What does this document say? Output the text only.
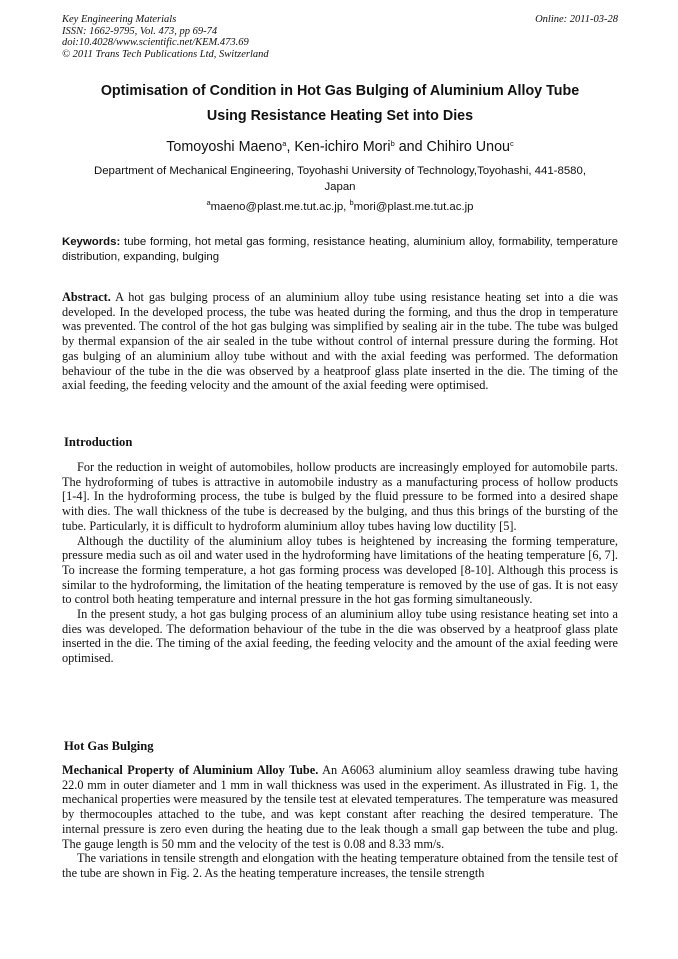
Key Engineering Materials
ISSN: 1662-9795, Vol. 473, pp 69-74
doi:10.4028/www.scientific.net/KEM.473.69
© 2011 Trans Tech Publications Ltd, Switzerland
Online: 2011-03-28
Optimisation of Condition in Hot Gas Bulging of Aluminium Alloy Tube
Using Resistance Heating Set into Dies
Tomoyoshi Maeno$^a$, Ken-ichiro Mori$^b$ and Chihiro Unou$^c$
Department of Mechanical Engineering, Toyohashi University of Technology,Toyohashi, 441-8580,
Japan
$^a$maeno@plast.me.tut.ac.jp, $^b$mori@plast.me.tut.ac.jp
Keywords: tube forming, hot metal gas forming, resistance heating, aluminium alloy, formability, temperature distribution, expanding, bulging

Abstract. A hot gas bulging process of an aluminium alloy tube using resistance heating set into a die was developed. In the developed process, the tube was heated during the forming, and thus the drop in temperature was prevented. The control of the hot gas bulging was simplified by sealing air in the tube. The tube was bulged by thermal expansion of the air sealed in the tube without control of internal pressure during the forming. Hot gas bulging of an aluminium alloy tube without and with the axial feeding was performed. The deformation behaviour of the tube in the die was observed by a heatproof glass plate inserted in the die. The timing of the axial feeding, the feeding velocity and the amount of the axial feeding were optimised.

Introduction

For the reduction in weight of automobiles, hollow products are increasingly employed for automobile parts. The hydroforming of tubes is attractive in automobile industry as a manufacturing process of hollow products [1-4]. In the hydroforming process, the tube is bulged by the fluid pressure to be formed into a desired shape with dies. The wall thickness of the tube is decreased by the bulging, and thus this brings of the bursting of the tube. Particularly, it is difficult to hydroform aluminium alloy tubes having low ductility [5].

Although the ductility of the aluminium alloy tubes is heightened by increasing the forming temperature, pressure media such as oil and water used in the hydroforming have limitations of the heating temperature [6, 7]. To increase the forming temperature, a hot gas forming process was developed [8-10]. Although this process is similar to the hydroforming, the limitation of the heating temperature is removed by the use of gas. It is not easy to control both heating temperature and internal pressure in the hot gas forming simultaneously.

In the present study, a hot gas bulging process of an aluminium alloy tube using resistance heating set into a dies was developed. The deformation behaviour of the tube in the die was observed by a heatproof glass plate inserted in the die. The timing of the axial feeding, the feeding velocity and the amount of the axial feeding were optimised.

Hot Gas Bulging

Mechanical Property of Aluminium Alloy Tube. An A6063 aluminium alloy seamless drawing tube having 22.0 mm in outer diameter and 1 mm in wall thickness was used in the experiment. As illustrated in Fig. 1, the mechanical properties were measured by the tensile test at elevated temperatures. The temperature was measured by thermocouples attached to the tube, and was kept constant after reaching the desired temperature. The internal pressure is zero even during the heating due to the leak though a small gap between the tube and plug. The gauge length is 50 mm and the velocity of the test is 0.08 and 8.33 mm/s.

The variations in tensile strength and elongation with the heating temperature obtained from the tensile test of the tube are shown in Fig. 2. As the heating temperature increases, the tensile strength
